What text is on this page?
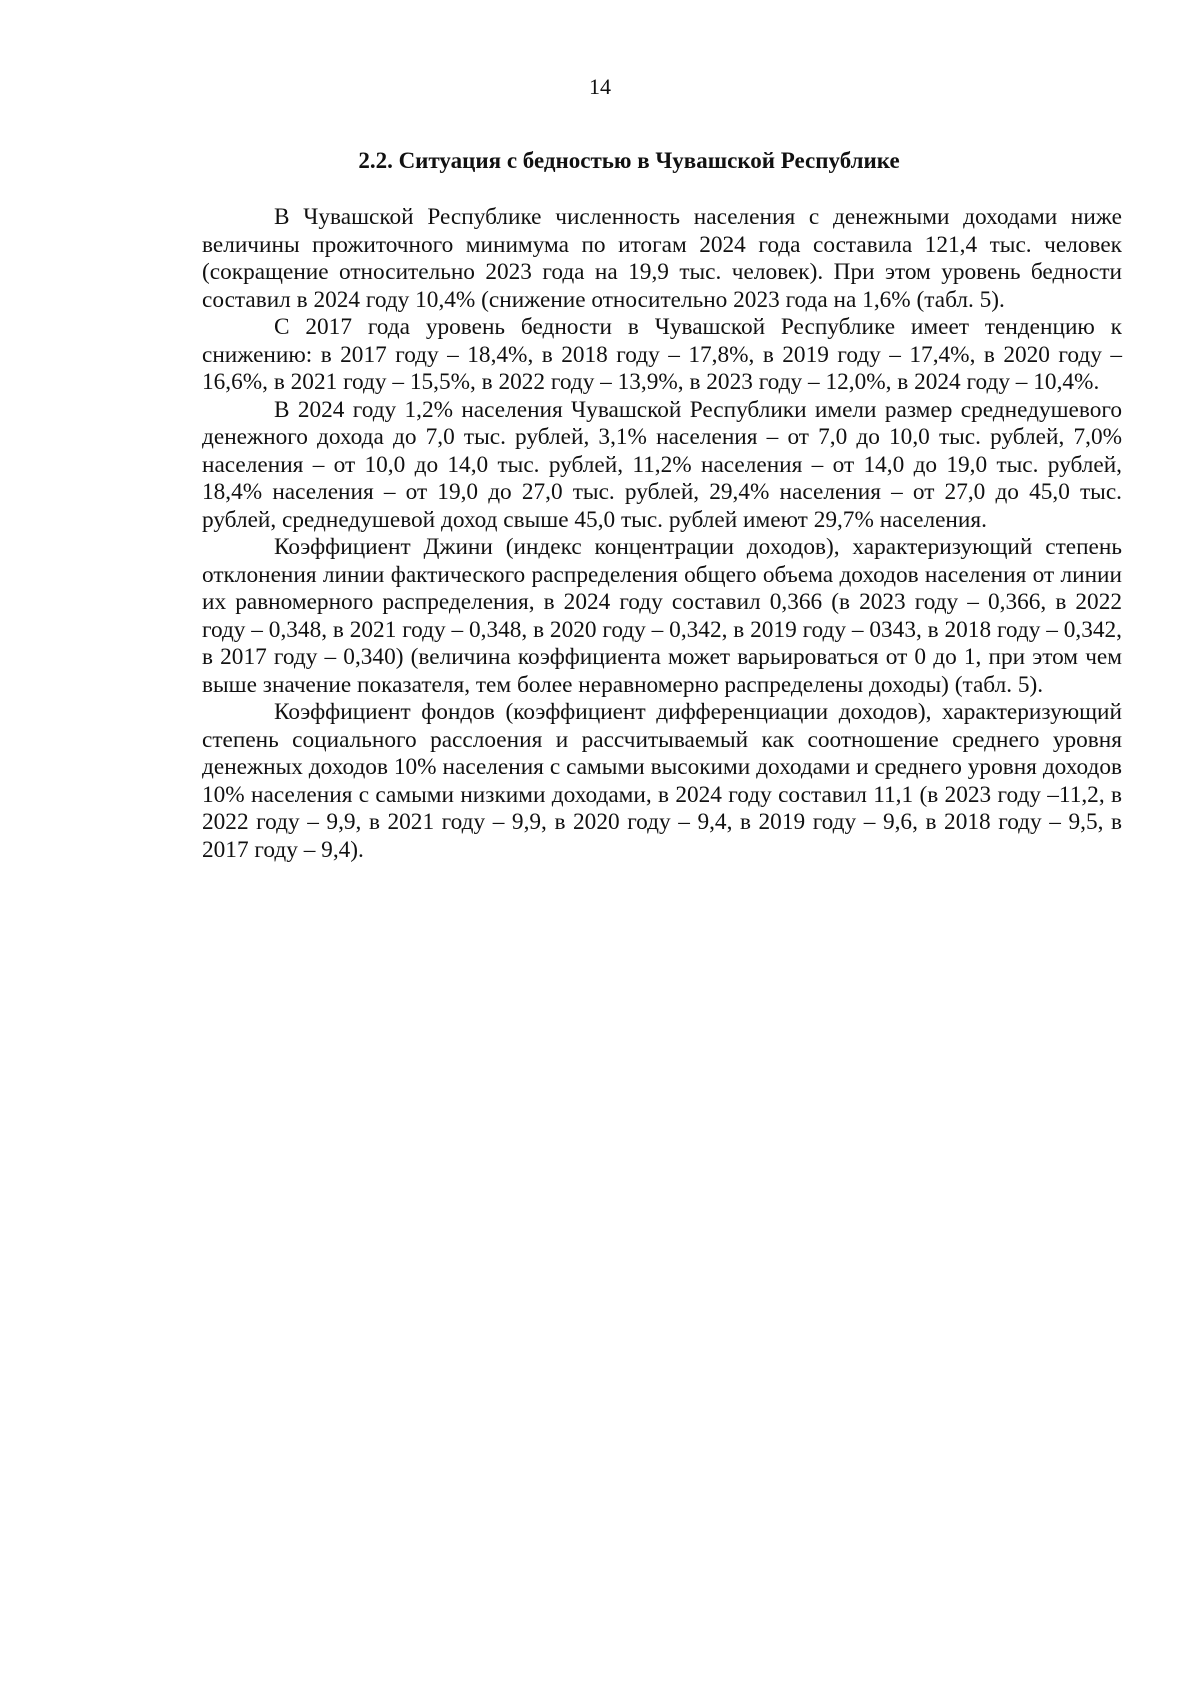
14
2.2. Ситуация с бедностью в Чувашской Республике

В Чувашской Республике численность населения с денежными доходами ниже величины прожиточного минимума по итогам 2024 года составила 121,4 тыс. человек (сокращение относительно 2023 года на 19,9 тыс. человек). При этом уровень бедности составил в 2024 году 10,4% (снижение относительно 2023 года на 1,6% (табл. 5).

С 2017 года уровень бедности в Чувашской Республике имеет тенденцию к снижению: в 2017 году – 18,4%, в 2018 году – 17,8%, в 2019 году – 17,4%, в 2020 году – 16,6%, в 2021 году – 15,5%, в 2022 году – 13,9%, в 2023 году – 12,0%, в 2024 году – 10,4%.

В 2024 году 1,2% населения Чувашской Республики имели размер среднедушевого денежного дохода до 7,0 тыс. рублей, 3,1% населения – от 7,0 до 10,0 тыс. рублей, 7,0% населения – от 10,0 до 14,0 тыс. рублей, 11,2% населения – от 14,0 до 19,0 тыс. рублей, 18,4% населения – от 19,0 до 27,0 тыс. рублей, 29,4% населения – от 27,0 до 45,0 тыс. рублей, среднедушевой доход свыше 45,0 тыс. рублей имеют 29,7% населения.

Коэффициент Джини (индекс концентрации доходов), характеризующий степень отклонения линии фактического распределения общего объема доходов населения от линии их равномерного распределения, в 2024 году составил 0,366 (в 2023 году – 0,366, в 2022 году – 0,348, в 2021 году – 0,348, в 2020 году – 0,342, в 2019 году – 0343, в 2018 году – 0,342, в 2017 году – 0,340) (величина коэффициента может варьироваться от 0 до 1, при этом чем выше значение показателя, тем более неравномерно распределены доходы) (табл. 5).

Коэффициент фондов (коэффициент дифференциации доходов), характеризующий степень социального расслоения и рассчитываемый как соотношение среднего уровня денежных доходов 10% населения с самыми высокими доходами и среднего уровня доходов 10% населения с самыми низкими доходами, в 2024 году составил 11,1 (в 2023 году –11,2, в 2022 году – 9,9, в 2021 году – 9,9, в 2020 году – 9,4, в 2019 году – 9,6, в 2018 году – 9,5, в 2017 году – 9,4).
